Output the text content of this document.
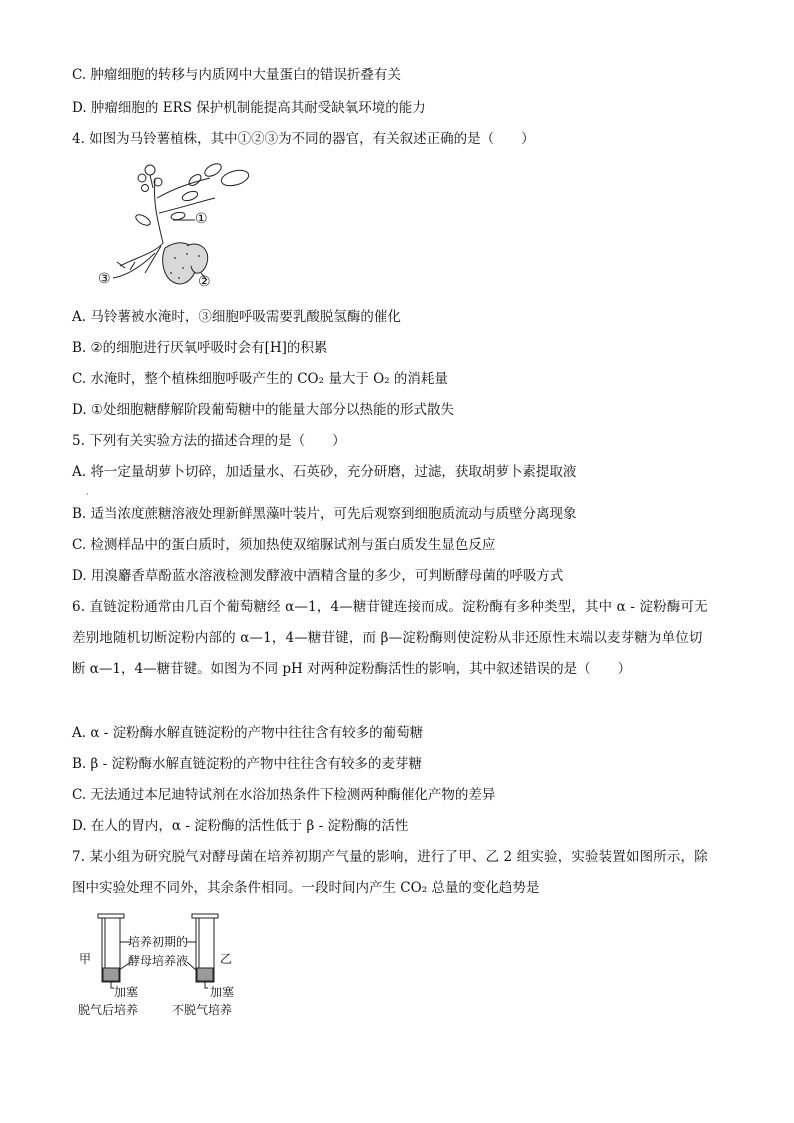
C. 肿瘤细胞的转移与内质网中大量蛋白的错误折叠有关
D. 肿瘤细胞的 ERS 保护机制能提高其耐受缺氧环境的能力
4. 如图为马铃薯植株，其中①②③为不同的器官，有关叙述正确的是（　　）
①
②
③
A. 马铃薯被水淹时，③细胞呼吸需要乳酸脱氢酶的催化
B. ②的细胞进行厌氧呼吸时会有[H]的积累
C. 水淹时，整个植株细胞呼吸产生的 CO₂ 量大于 O₂ 的消耗量
D. ①处细胞糖酵解阶段葡萄糖中的能量大部分以热能的形式散失
5. 下列有关实验方法的描述合理的是（　　）
A. 将一定量胡萝卜切碎，加适量水、石英砂，充分研磨，过滤，获取胡萝卜素提取液
·
B. 适当浓度蔗糖溶液处理新鲜黑藻叶装片，可先后观察到细胞质流动与质壁分离现象
C. 检测样品中的蛋白质时，须加热使双缩脲试剂与蛋白质发生显色反应
D. 用溴麝香草酚蓝水溶液检测发酵液中酒精含量的多少，可判断酵母菌的呼吸方式
6. 直链淀粉通常由几百个葡萄糖经 α—1，4—糖苷键连接而成。淀粉酶有多种类型，其中 α - 淀粉酶可无
差别地随机切断淀粉内部的 α—1，4—糖苷键，而 β—淀粉酶则使淀粉从非还原性末端以麦芽糖为单位切
断 α—1，4—糖苷键。如图为不同 pH 对两种淀粉酶活性的影响，其中叙述错误的是（　　）
A. α - 淀粉酶水解直链淀粉的产物中往往含有较多的葡萄糖
B. β - 淀粉酶水解直链淀粉的产物中往往含有较多的麦芽糖
C. 无法通过本尼迪特试剂在水浴加热条件下检测两种酶催化产物的差异
D. 在人的胃内，α - 淀粉酶的活性低于 β - 淀粉酶的活性
7. 某小组为研究脱气对酵母菌在培养初期产气量的影响，进行了甲、乙 2 组实验，实验装置如图所示，除
图中实验处理不同外，其余条件相同。一段时间内产生 CO₂ 总量的变化趋势是
甲	乙
培养初期的
酵母培养液
加塞	加塞
脱气后培养	不脱气培养
